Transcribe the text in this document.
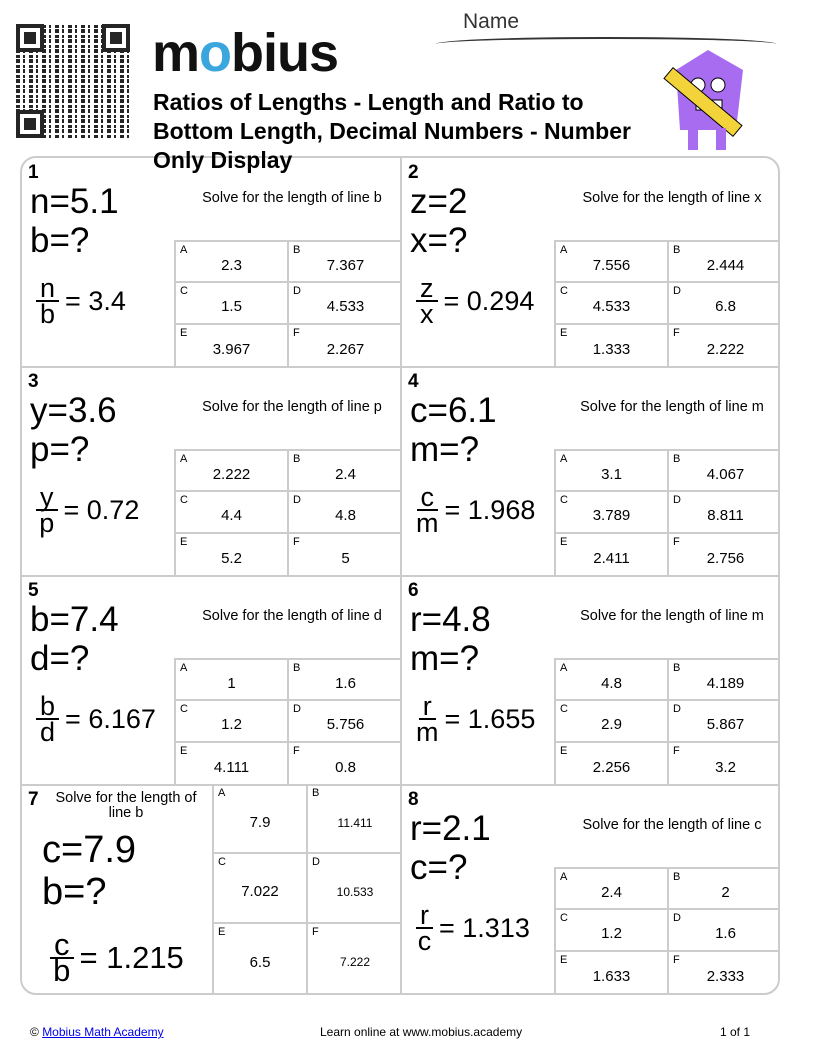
mobius
Name
1
Solve for the length of line b
n=5.1
b=?
$\frac{n}{b} = 3.4$
A
2.3
B
7.367
C
1.5
D
4.533
E
3.967
F
2.267
2
Solve for the length of line x
z=2
x=?
$\frac{z}{x} = 0.294$
A
7.556
B
2.444
C
4.533
D
6.8
E
1.333
F
2.222
3
Solve for the length of line p
y=3.6
p=?
$\frac{y}{p} = 0.72$
A
2.222
B
2.4
C
4.4
D
4.8
E
5.2
F
5
4
Solve for the length of line m
c=6.1
m=?
$\frac{c}{m} = 1.968$
A
3.1
B
4.067
C
3.789
D
8.811
E
2.411
F
2.756
5
Solve for the length of line d
b=7.4
d=?
$\frac{b}{d} = 6.167$
A
1
B
1.6
C
1.2
D
5.756
E
4.111
F
0.8
6
Solve for the length of line m
r=4.8
m=?
$\frac{r}{m} = 1.655$
A
4.8
B
4.189
C
2.9
D
5.867
E
2.256
F
3.2
7	Solve for the length of line b
c=7.9
b=?
$\frac{c}{b} = 1.215$
A
7.9
B
11.411
C
7.022
D
10.533
E
6.5
F
7.222
8
Solve for the length of line c
r=2.1
c=?
$\frac{r}{c} = 1.313$
A
2.4
B
2
C
1.2
D
1.6
E
1.633
F
2.333
Ratios of Lengths - Length and Ratio to Bottom Length, Decimal Numbers - Number Only Display
© Mobius Math Academy	Learn online at www.mobius.academy	1 of 1
